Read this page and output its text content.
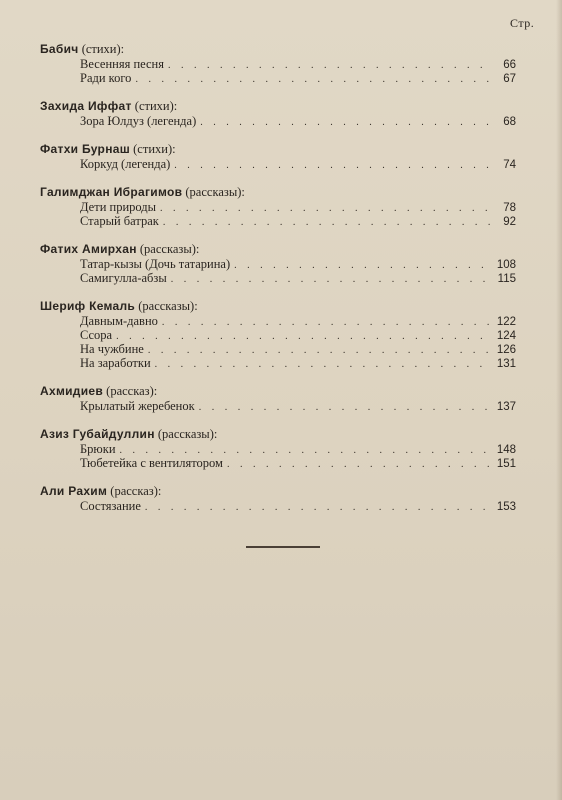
Стр.
Бабич (стихи):
Весенняя песня . . .	66
Ради кого . . .	67
Захида Иффат (стихи):
Зора Юлдуз (легенда) . . .	68
Фатхи Бурнаш (стихи):
Коркуд (легенда) . . .	74
Галимджан Ибрагимов (рассказы):
Дети природы . . .	78
Старый батрак . . .	92
Фатих Амирхан (рассказы):
Татар-кызы (Дочь татарина) . . .	108
Самигулла-абзы . . .	115
Шериф Кемаль (рассказы):
Давным-давно . . .	122
Ссора . . .	124
На чужбине . . .	126
На заработки . . .	131
Ахмидиев (рассказ):
Крылатый жеребенок . . .	137
Азиз Губайдуллин (рассказы):
Брюки . . .	148
Тюбетейка с вентилятором . . .	151
Али Рахим (рассказ):
Состязание . . .	153
